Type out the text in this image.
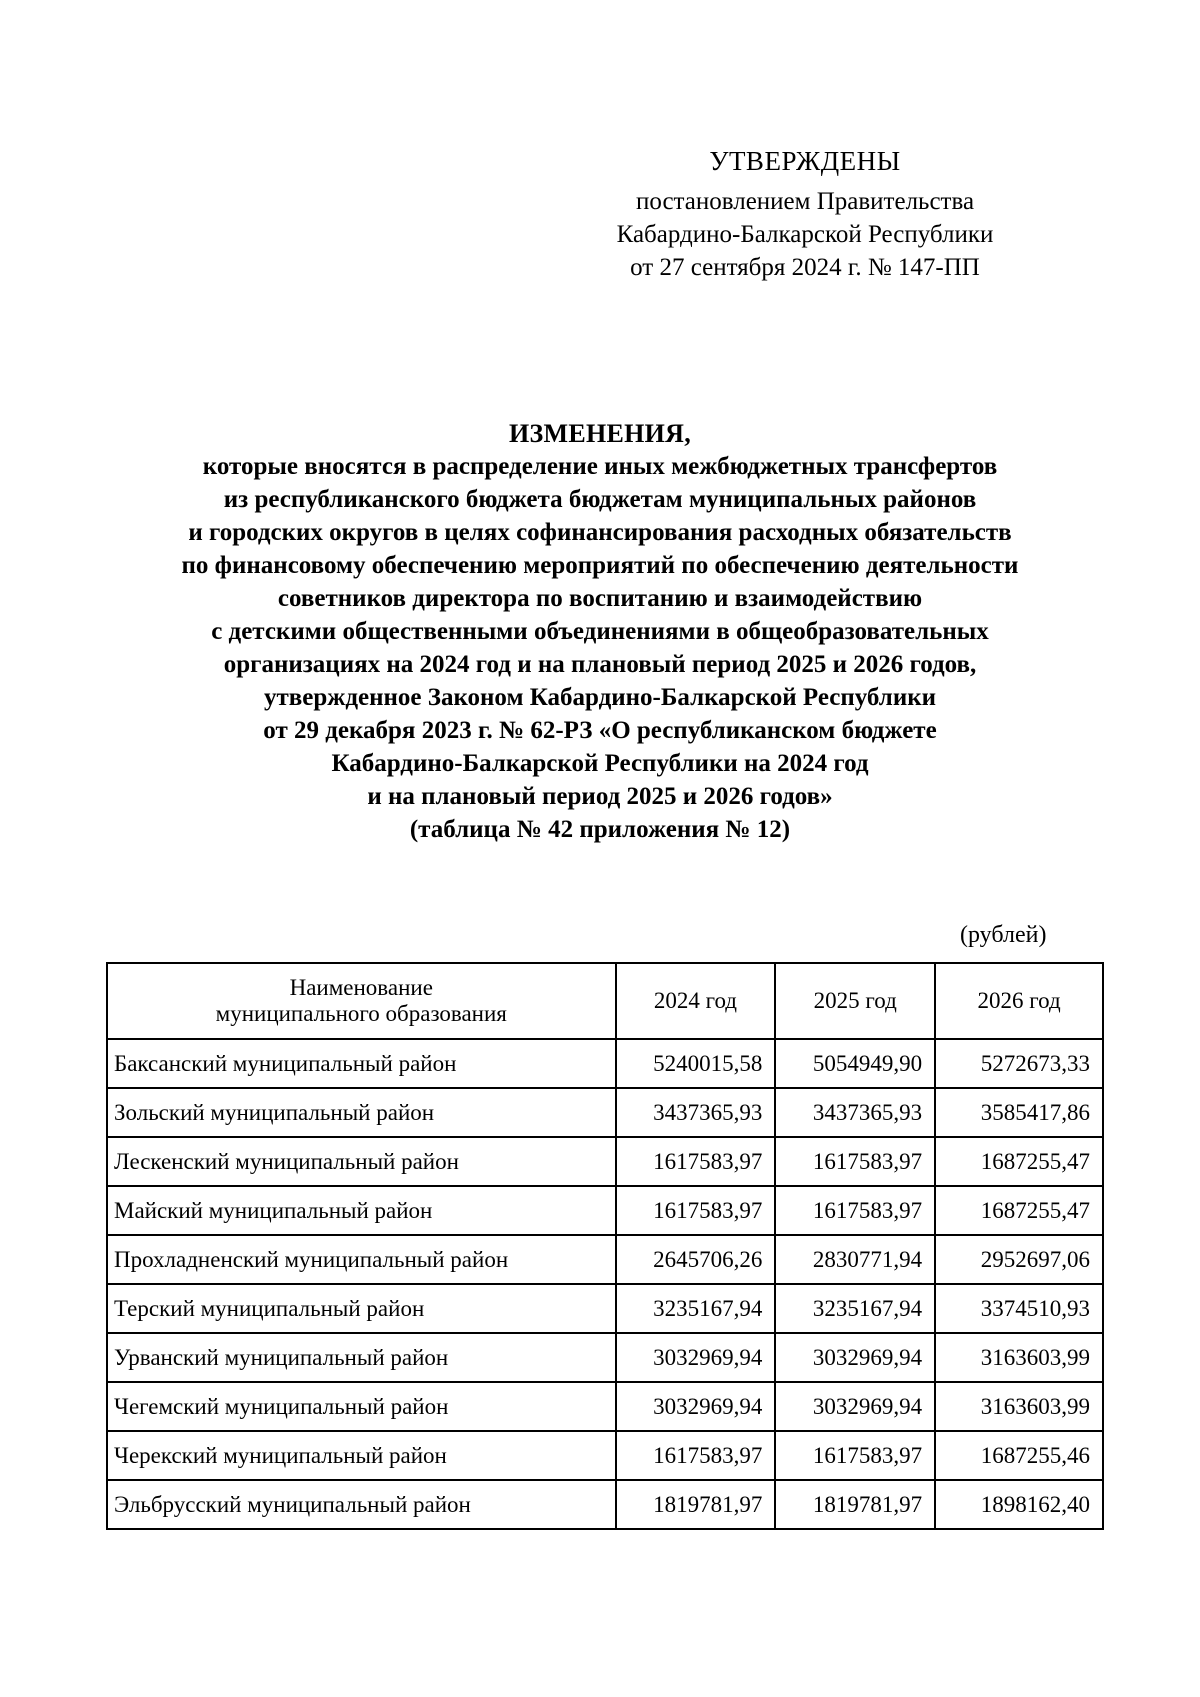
УТВЕРЖДЕНЫ
постановлением Правительства
Кабардино-Балкарской Республики
от 27 сентября 2024 г. № 147-ПП
ИЗМЕНЕНИЯ,
которые вносятся в распределение иных межбюджетных трансфертов
из республиканского бюджета бюджетам муниципальных районов
и городских округов в целях софинансирования расходных обязательств
по финансовому обеспечению мероприятий по обеспечению деятельности
советников директора по воспитанию и взаимодействию
с детскими общественными объединениями в общеобразовательных
организациях на 2024 год и на плановый период 2025 и 2026 годов,
утвержденное Законом Кабардино-Балкарской Республики
от 29 декабря 2023 г. № 62-РЗ «О республиканском бюджете
Кабардино-Балкарской Республики на 2024 год
и на плановый период 2025 и 2026 годов»
(таблица № 42 приложения № 12)
(рублей)
Наименование
муниципального образования	2024 год	2025 год	2026 год
Баксанский муниципальный район	5240015,58	5054949,90	5272673,33
Зольский муниципальный район	3437365,93	3437365,93	3585417,86
Лескенский муниципальный район	1617583,97	1617583,97	1687255,47
Майский муниципальный район	1617583,97	1617583,97	1687255,47
Прохладненский муниципальный район	2645706,26	2830771,94	2952697,06
Терский муниципальный район	3235167,94	3235167,94	3374510,93
Урванский муниципальный район	3032969,94	3032969,94	3163603,99
Чегемский муниципальный район	3032969,94	3032969,94	3163603,99
Черекский муниципальный район	1617583,97	1617583,97	1687255,46
Эльбрусский муниципальный район	1819781,97	1819781,97	1898162,40
